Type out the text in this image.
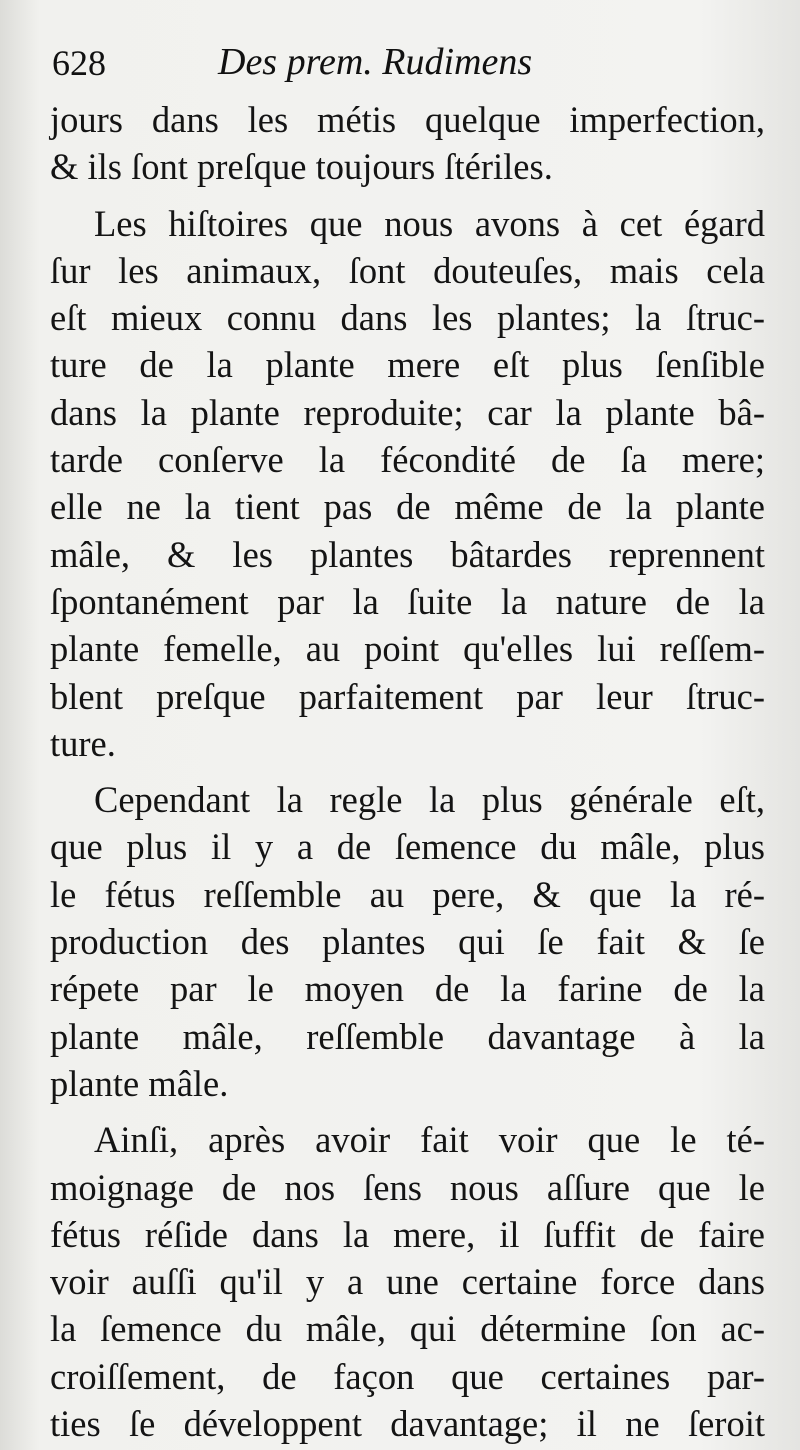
628	Des prem. Rudimens
jours dans les métis quelque imperfection,
& ils ſont preſque toujours ſtériles.
Les hiſtoires que nous avons à cet égard
ſur les animaux, ſont douteuſes, mais cela
eſt mieux connu dans les plantes; la ſtruc-
ture de la plante mere eſt plus ſenſible
dans la plante reproduite; car la plante bâ-
tarde conſerve la fécondité de ſa mere;
elle ne la tient pas de même de la plante
mâle, & les plantes bâtardes reprennent
ſpontanément par la ſuite la nature de la
plante femelle, au point qu'elles lui reſſem-
blent preſque parfaitement par leur ſtruc-
ture.
Cependant la regle la plus générale eſt,
que plus il y a de ſemence du mâle, plus
le fétus reſſemble au pere, & que la ré-
production des plantes qui ſe fait & ſe
répete par le moyen de la farine de la
plante mâle, reſſemble davantage à la
plante mâle.
Ainſi, après avoir fait voir que le té-
moignage de nos ſens nous aſſure que le
fétus réſide dans la mere, il ſuffit de faire
voir auſſi qu'il y a une certaine force dans
la ſemence du mâle, qui détermine ſon ac-
croiſſement, de façon que certaines par-
ties ſe développent davantage; il ne ſeroit
